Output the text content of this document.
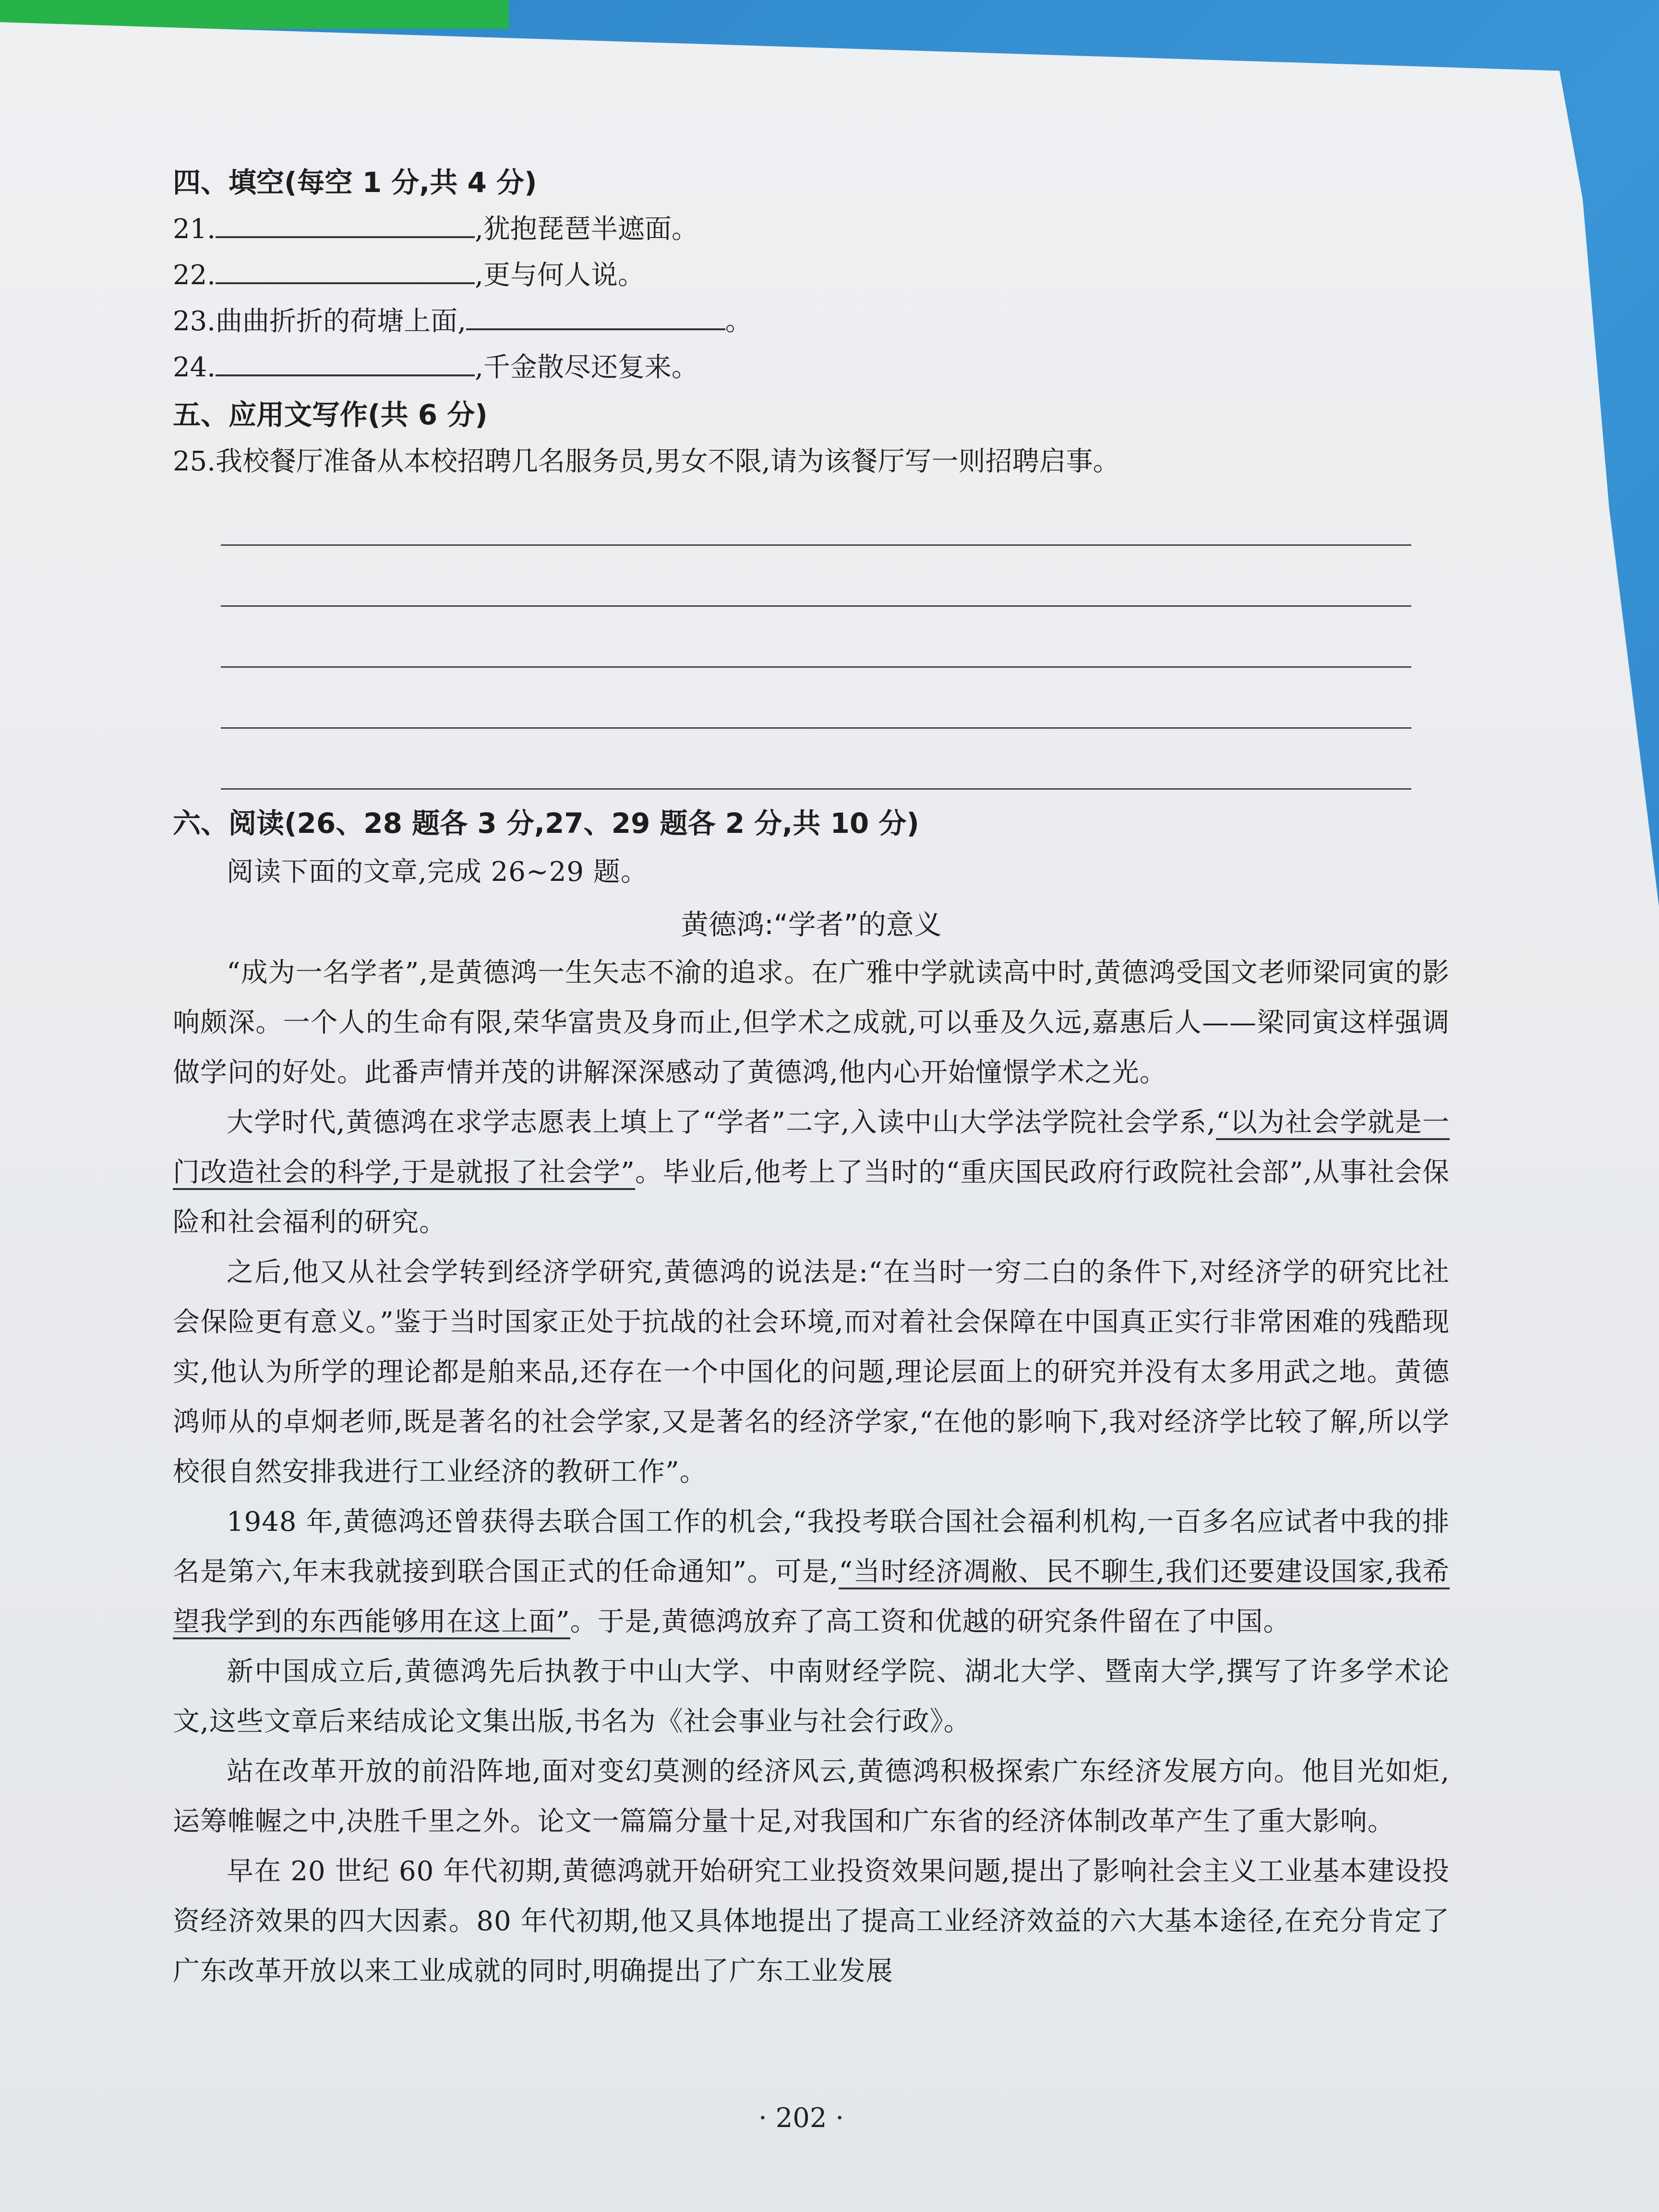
四、填空(每空 1 分,共 4 分)

21.	,犹抱琵琶半遮面。

22.	,更与何人说。

23.曲曲折折的荷塘上面,	。

24.	,千金散尽还复来。

五、应用文写作(共 6 分)

25.我校餐厅准备从本校招聘几名服务员,男女不限,请为该餐厅写一则招聘启事。

六、阅读(26、28 题各 3 分,27、29 题各 2 分,共 10 分)

阅读下面的文章,完成 26~29 题。

黄德鸿:“学者”的意义

“成为一名学者”,是黄德鸿一生矢志不渝的追求。在广雅中学就读高中时,黄德鸿受国文老师梁同寅的影响颇深。一个人的生命有限,荣华富贵及身而止,但学术之成就,可以垂及久远,嘉惠后人——梁同寅这样强调做学问的好处。此番声情并茂的讲解深深感动了黄德鸿,他内心开始憧憬学术之光。

大学时代,黄德鸿在求学志愿表上填上了“学者”二字,入读中山大学法学院社会学系,“以为社会学就是一门改造社会的科学,于是就报了社会学”。毕业后,他考上了当时的“重庆国民政府行政院社会部”,从事社会保险和社会福利的研究。

之后,他又从社会学转到经济学研究,黄德鸿的说法是:“在当时一穷二白的条件下,对经济学的研究比社会保险更有意义。”鉴于当时国家正处于抗战的社会环境,而对着社会保障在中国真正实行非常困难的残酷现实,他认为所学的理论都是舶来品,还存在一个中国化的问题,理论层面上的研究并没有太多用武之地。黄德鸿师从的卓炯老师,既是著名的社会学家,又是著名的经济学家,“在他的影响下,我对经济学比较了解,所以学校很自然安排我进行工业经济的教研工作”。

1948 年,黄德鸿还曾获得去联合国工作的机会,“我投考联合国社会福利机构,一百多名应试者中我的排名是第六,年末我就接到联合国正式的任命通知”。可是,“当时经济凋敝、民不聊生,我们还要建设国家,我希望我学到的东西能够用在这上面”。于是,黄德鸿放弃了高工资和优越的研究条件留在了中国。

新中国成立后,黄德鸿先后执教于中山大学、中南财经学院、湖北大学、暨南大学,撰写了许多学术论文,这些文章后来结成论文集出版,书名为《社会事业与社会行政》。

站在改革开放的前沿阵地,面对变幻莫测的经济风云,黄德鸿积极探索广东经济发展方向。他目光如炬,运筹帷幄之中,决胜千里之外。论文一篇篇分量十足,对我国和广东省的经济体制改革产生了重大影响。

早在 20 世纪 60 年代初期,黄德鸿就开始研究工业投资效果问题,提出了影响社会主义工业基本建设投资经济效果的四大因素。80 年代初期,他又具体地提出了提高工业经济效益的六大基本途径,在充分肯定了广东改革开放以来工业成就的同时,明确提出了广东工业发展

· 202 ·
